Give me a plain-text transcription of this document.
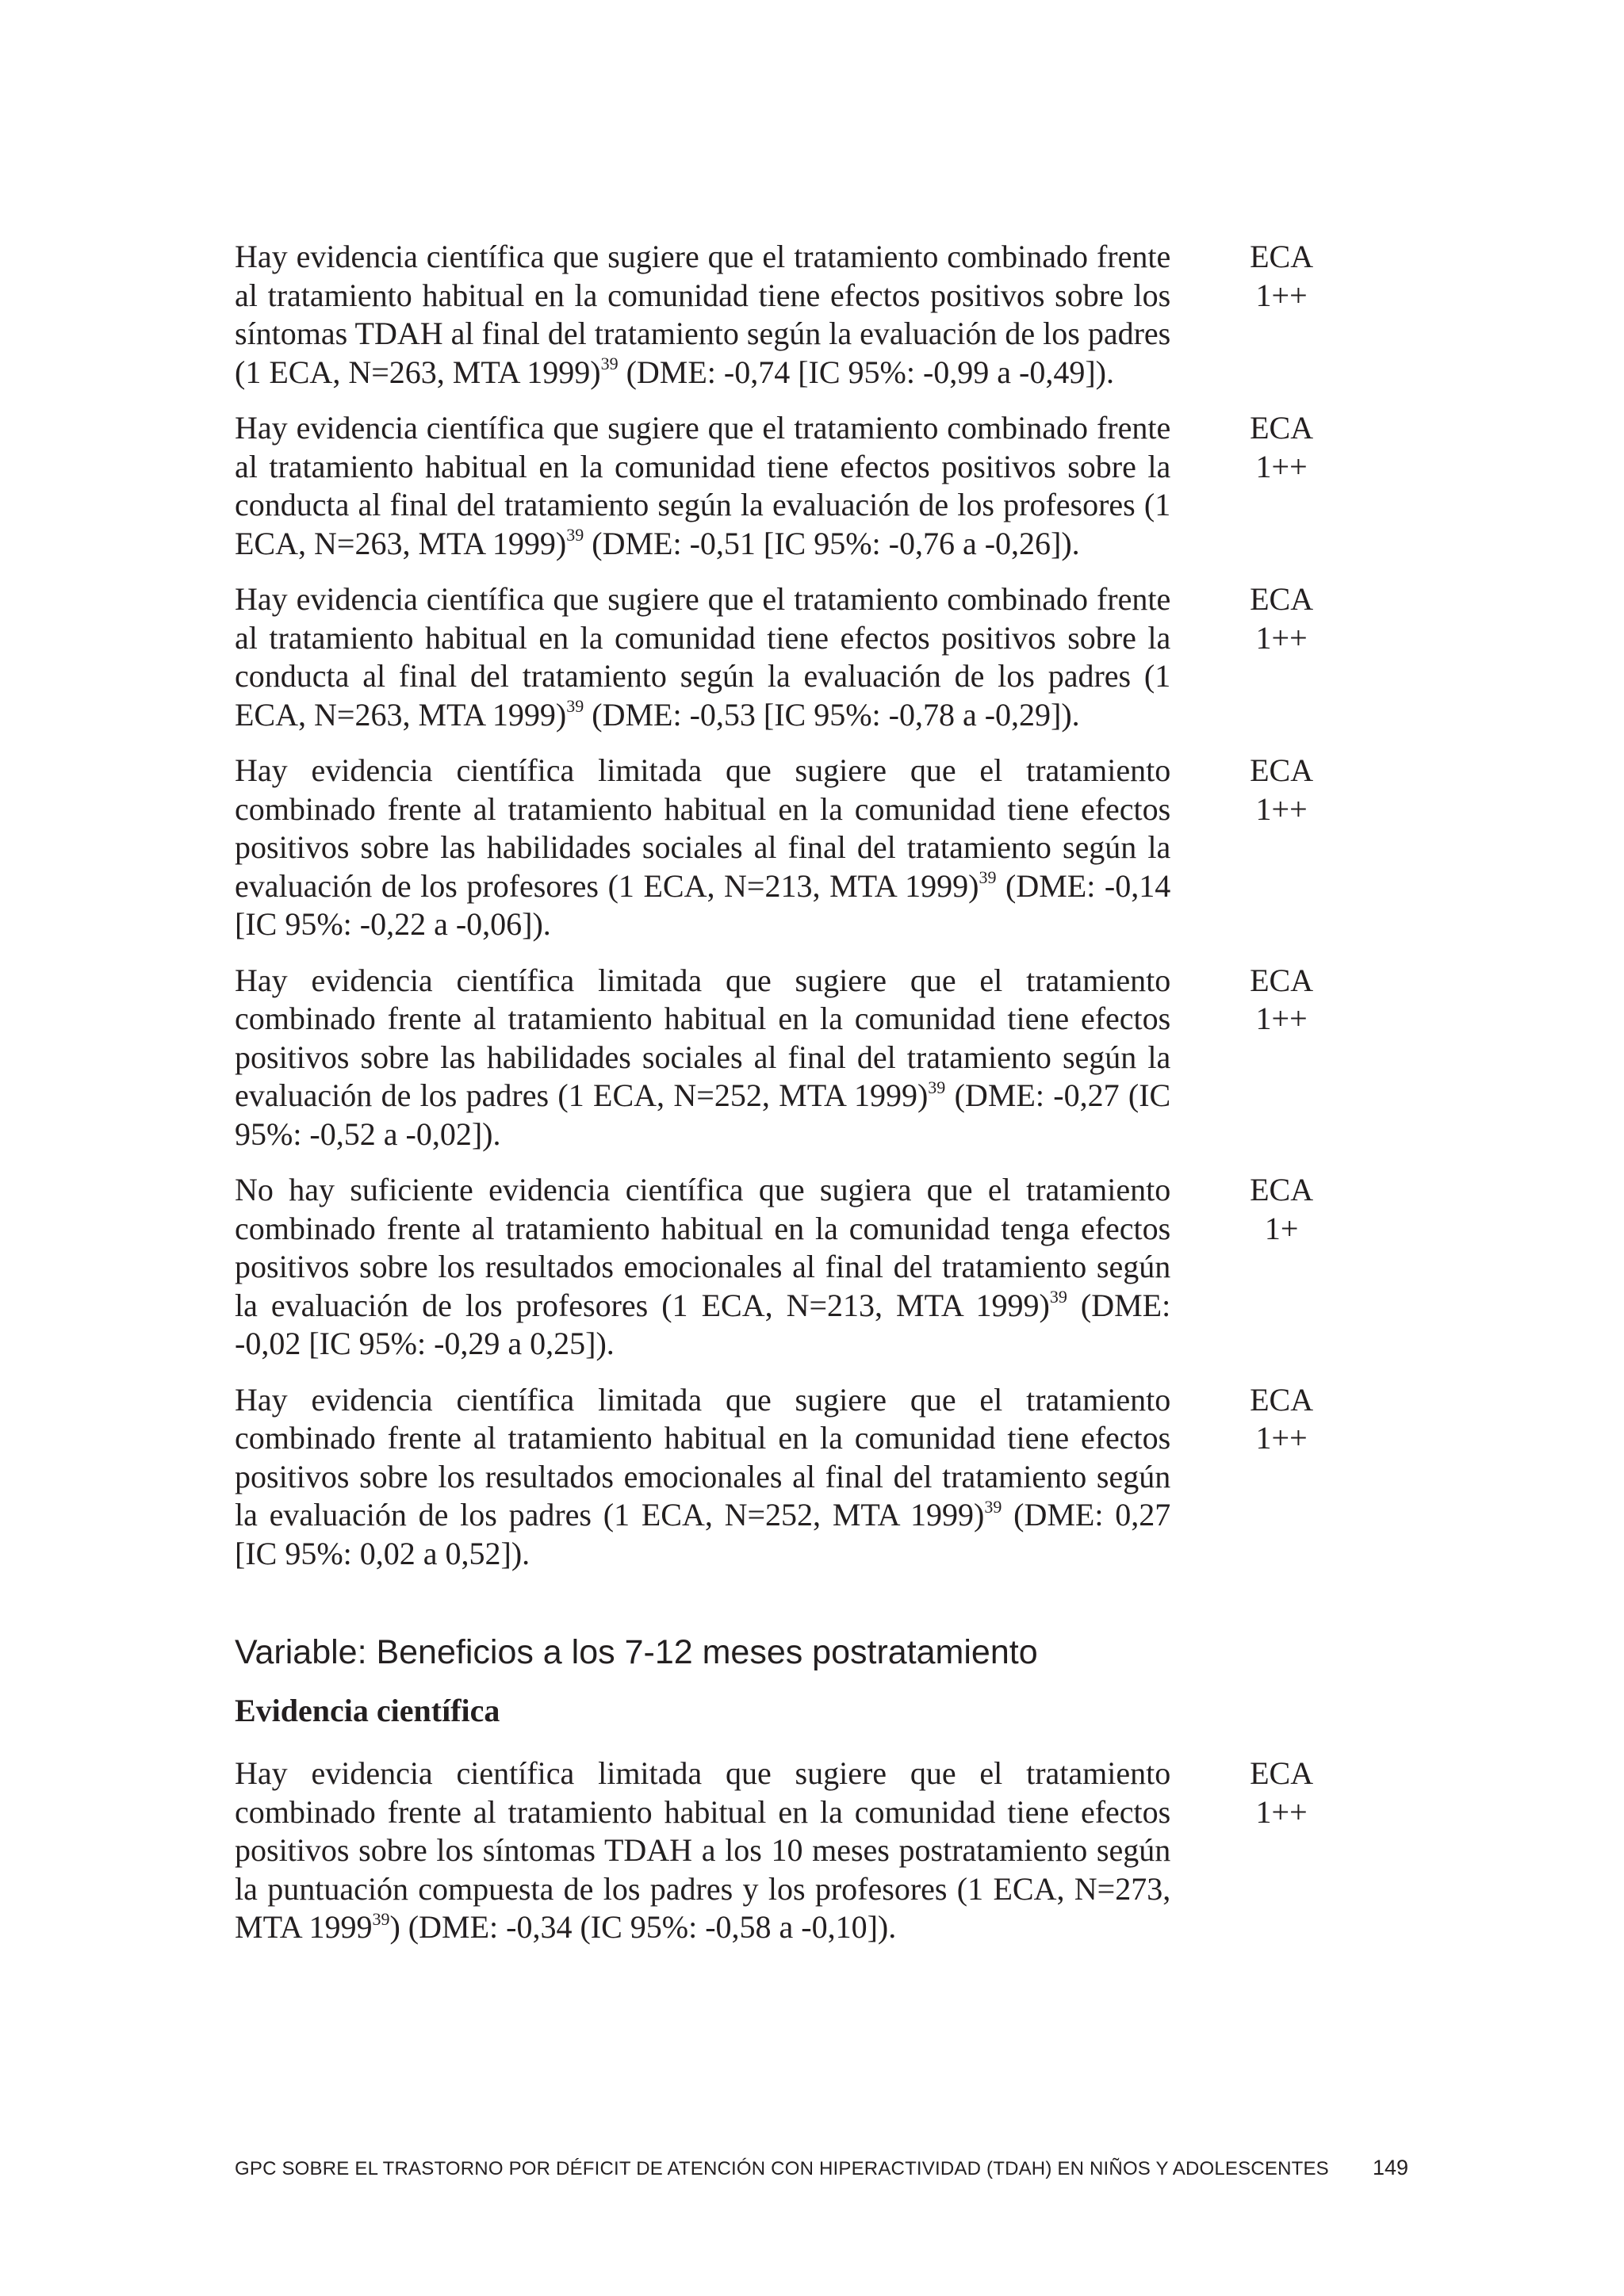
Hay evidencia científica que sugiere que el tratamiento combinado frente al tratamiento habitual en la comunidad tiene efectos positivos sobre los síntomas TDAH al final del tratamiento según la evaluación de los padres (1 ECA, N=263, MTA 1999)$^{39}$ (DME: -0,74 [IC 95%: -0,99 a -0,49]).

ECA
1++

Hay evidencia científica que sugiere que el tratamiento combinado frente al tratamiento habitual en la comunidad tiene efectos positivos sobre la conducta al final del tratamiento según la evaluación de los profesores (1 ECA, N=263, MTA 1999)$^{39}$ (DME: -0,51 [IC 95%: -0,76 a -0,26]).

ECA
1++

Hay evidencia científica que sugiere que el tratamiento combinado frente al tratamiento habitual en la comunidad tiene efectos positivos sobre la conducta al final del tratamiento según la evaluación de los padres (1 ECA, N=263, MTA 1999)$^{39}$ (DME: -0,53 [IC 95%: -0,78 a -0,29]).

ECA
1++

Hay evidencia científica limitada que sugiere que el tratamiento combinado frente al tratamiento habitual en la comunidad tiene efectos positivos sobre las habilidades sociales al final del tratamiento según la evaluación de los profesores (1 ECA, N=213, MTA 1999)$^{39}$ (DME: -0,14 [IC 95%: -0,22 a -0,06]).

ECA
1++

Hay evidencia científica limitada que sugiere que el tratamiento combinado frente al tratamiento habitual en la comunidad tiene efectos positivos sobre las habilidades sociales al final del tratamiento según la evaluación de los padres (1 ECA, N=252, MTA 1999)$^{39}$ (DME: -0,27 (IC 95%: -0,52 a -0,02]).

ECA
1++

No hay suficiente evidencia científica que sugiera que el tratamiento combinado frente al tratamiento habitual en la comunidad tenga efectos positivos sobre los resultados emocionales al final del tratamiento según la evaluación de los profesores (1 ECA, N=213, MTA 1999)$^{39}$ (DME: -0,02 [IC 95%: -0,29 a 0,25]).

ECA
1+

Hay evidencia científica limitada que sugiere que el tratamiento combinado frente al tratamiento habitual en la comunidad tiene efectos positivos sobre los resultados emocionales al final del tratamiento según la evaluación de los padres (1 ECA, N=252, MTA 1999)$^{39}$ (DME: 0,27 [IC 95%: 0,02 a 0,52]).

ECA
1++
Variable: Beneficios a los 7-12 meses postratamiento
Evidencia científica

Hay evidencia científica limitada que sugiere que el tratamiento combinado frente al tratamiento habitual en la comunidad tiene efectos positivos sobre los síntomas TDAH a los 10 meses postratamiento según la puntuación compuesta de los padres y los profesores (1 ECA, N=273, MTA 1999$^{39}$) (DME: -0,34 (IC 95%: -0,58 a -0,10]).

ECA
1++
GPC SOBRE EL TRASTORNO POR DÉFICIT DE ATENCIÓN CON HIPERACTIVIDAD (TDAH) EN NIÑOS Y ADOLESCENTES 149
